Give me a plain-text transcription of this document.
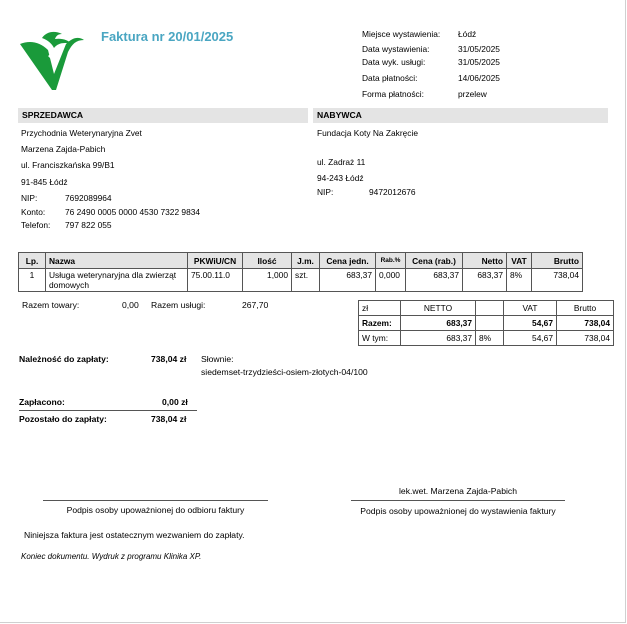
Faktura nr 20/01/2025	Miejsce wystawienia: Łódź
Data wystawienia:	31/05/2025
Data wyk. usługi:	31/05/2025
Data płatności:	14/06/2025
Forma płatności:	przelew
SPRZEDAWCA
Przychodnia Weterynaryjna Zvet
Marzena Zajda-Pabich
ul. Franciszkańska 99/B1
91-845 Łódź
NIP:	7692089964
Konto: 76 2490 0005 0000 4530 7322 9834
Telefon: 797 822 055
NABYWCA
Fundacja Koty Na Zakręcie
ul. Zadraż 11
94-243 Łódź
NIP:	9472012676
Lp.	Nazwa	PKWiU/CN	Ilość	J.m.	Cena jedn.	Rab.%	Cena (rab.)	Netto	VAT	Brutto
1	Usługa weterynaryjna dla zwierząt domowych	75.00.11.0	1,000	szt.	683,37	0,000	683,37	683,37	8%	738,04
Razem towary:	0,00 Razem usługi:	267,70	zł	NETTO		VAT	Brutto
Razem:	683,37		54,67	738,04
W tym:	683,37	8%	54,67	738,04
Należność do zapłaty:	738,04 zł Słownie:
siedemset-trzydzieści-osiem-złotych-04/100
Zapłacono:	0,00 zł
Pozostało do zapłaty:	738,04 zł
Podpis osoby upoważnionej do odbioru faktury
lek.wet. Marzena Zajda-Pabich
Podpis osoby upoważnionej do wystawienia faktury
Niniejsza faktura jest ostatecznym wezwaniem do zapłaty.
Koniec dokumentu. Wydruk z programu Klinika XP.
